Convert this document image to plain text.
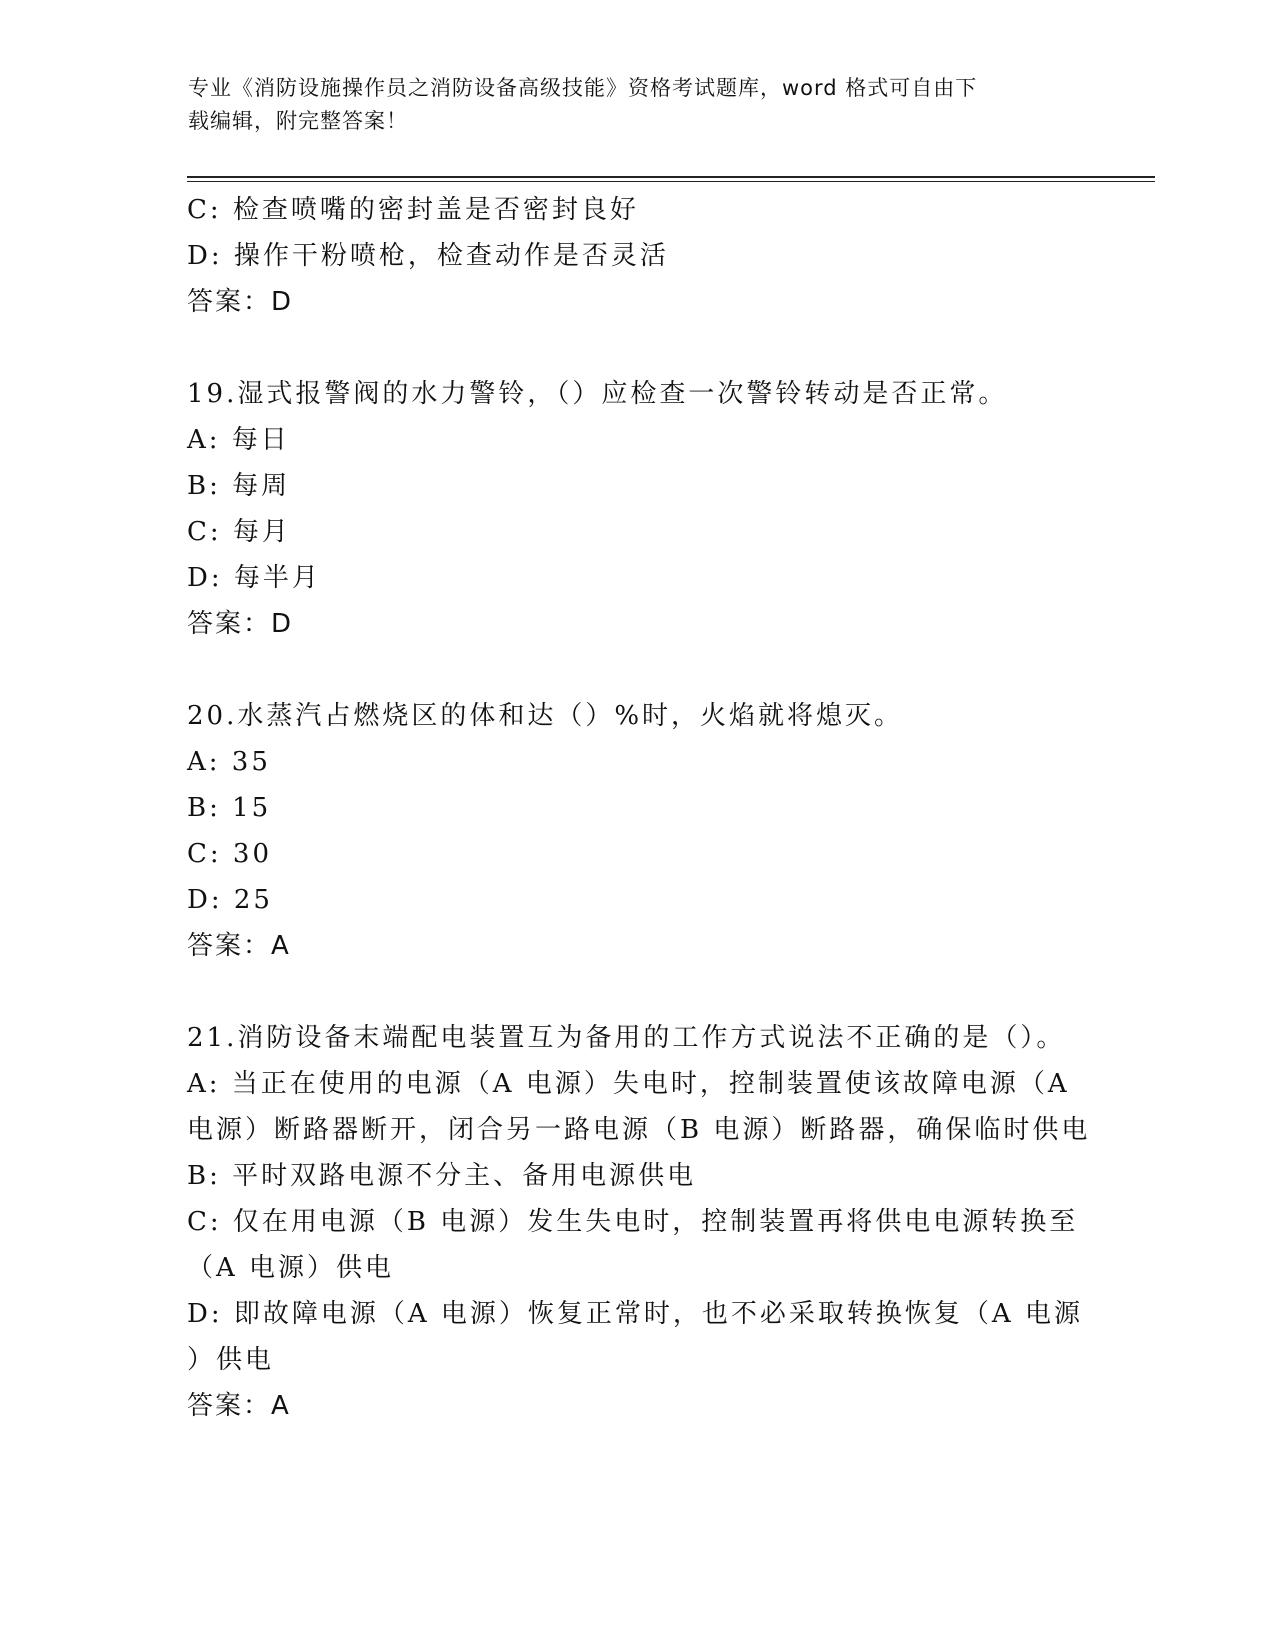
专业《消防设施操作员之消防设备高级技能》资格考试题库，word 格式可自由下
载编辑，附完整答案！
C: 检查喷嘴的密封盖是否密封良好
D: 操作干粉喷枪，检查动作是否灵活
答案：D
19.湿式报警阀的水力警铃，（）应检查一次警铃转动是否正常。
A: 每日
B: 每周
C: 每月
D: 每半月
答案：D
20.水蒸汽占燃烧区的体和达（）%时，火焰就将熄灭。
A: 35
B: 15
C: 30
D: 25
答案：A
21.消防设备末端配电装置互为备用的工作方式说法不正确的是（）。
A: 当正在使用的电源（A 电源）失电时，控制装置使该故障电源（A
电源）断路器断开，闭合另一路电源（B 电源）断路器，确保临时供电
B: 平时双路电源不分主、备用电源供电
C: 仅在用电源（B 电源）发生失电时，控制装置再将供电电源转换至
（A 电源）供电
D: 即故障电源（A 电源）恢复正常时，也不必采取转换恢复（A 电源
）供电
答案：A
